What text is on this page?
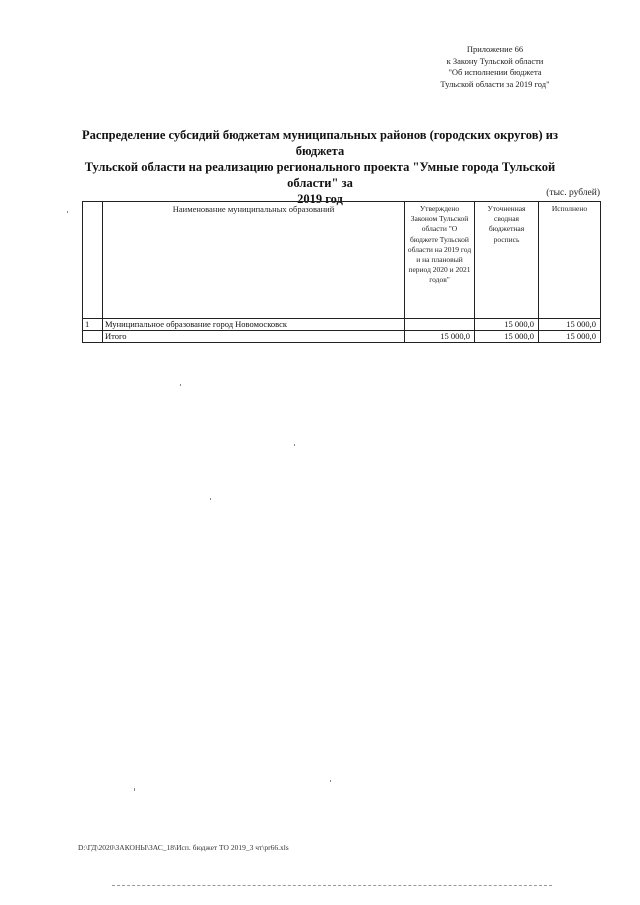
Приложение 66
к Закону Тульской области
"Об исполнении бюджета
Тульской области за 2019 год"
Распределение субсидий бюджетам муниципальных районов (городских округов) из бюджета
Тульской области на реализацию регионального проекта "Умные города Тульской области" за
2019 год	(тыс. рублей)
	Наименование муниципальных образований	Утверждено Законом Тульской области "О бюджете Тульской области на 2019 год и на плановый период 2020 и 2021 годов"	Уточненная сводная бюджетная роспись	Исполнено
1	Муниципальное образование город Новомосковск		15 000,0	15 000,0
	Итого	15 000,0	15 000,0	15 000,0
D:\ГД\2020\ЗАКОНЫ\ЗАС_18\Исп. бюджет ТО 2019_3 чт\pr66.xls
